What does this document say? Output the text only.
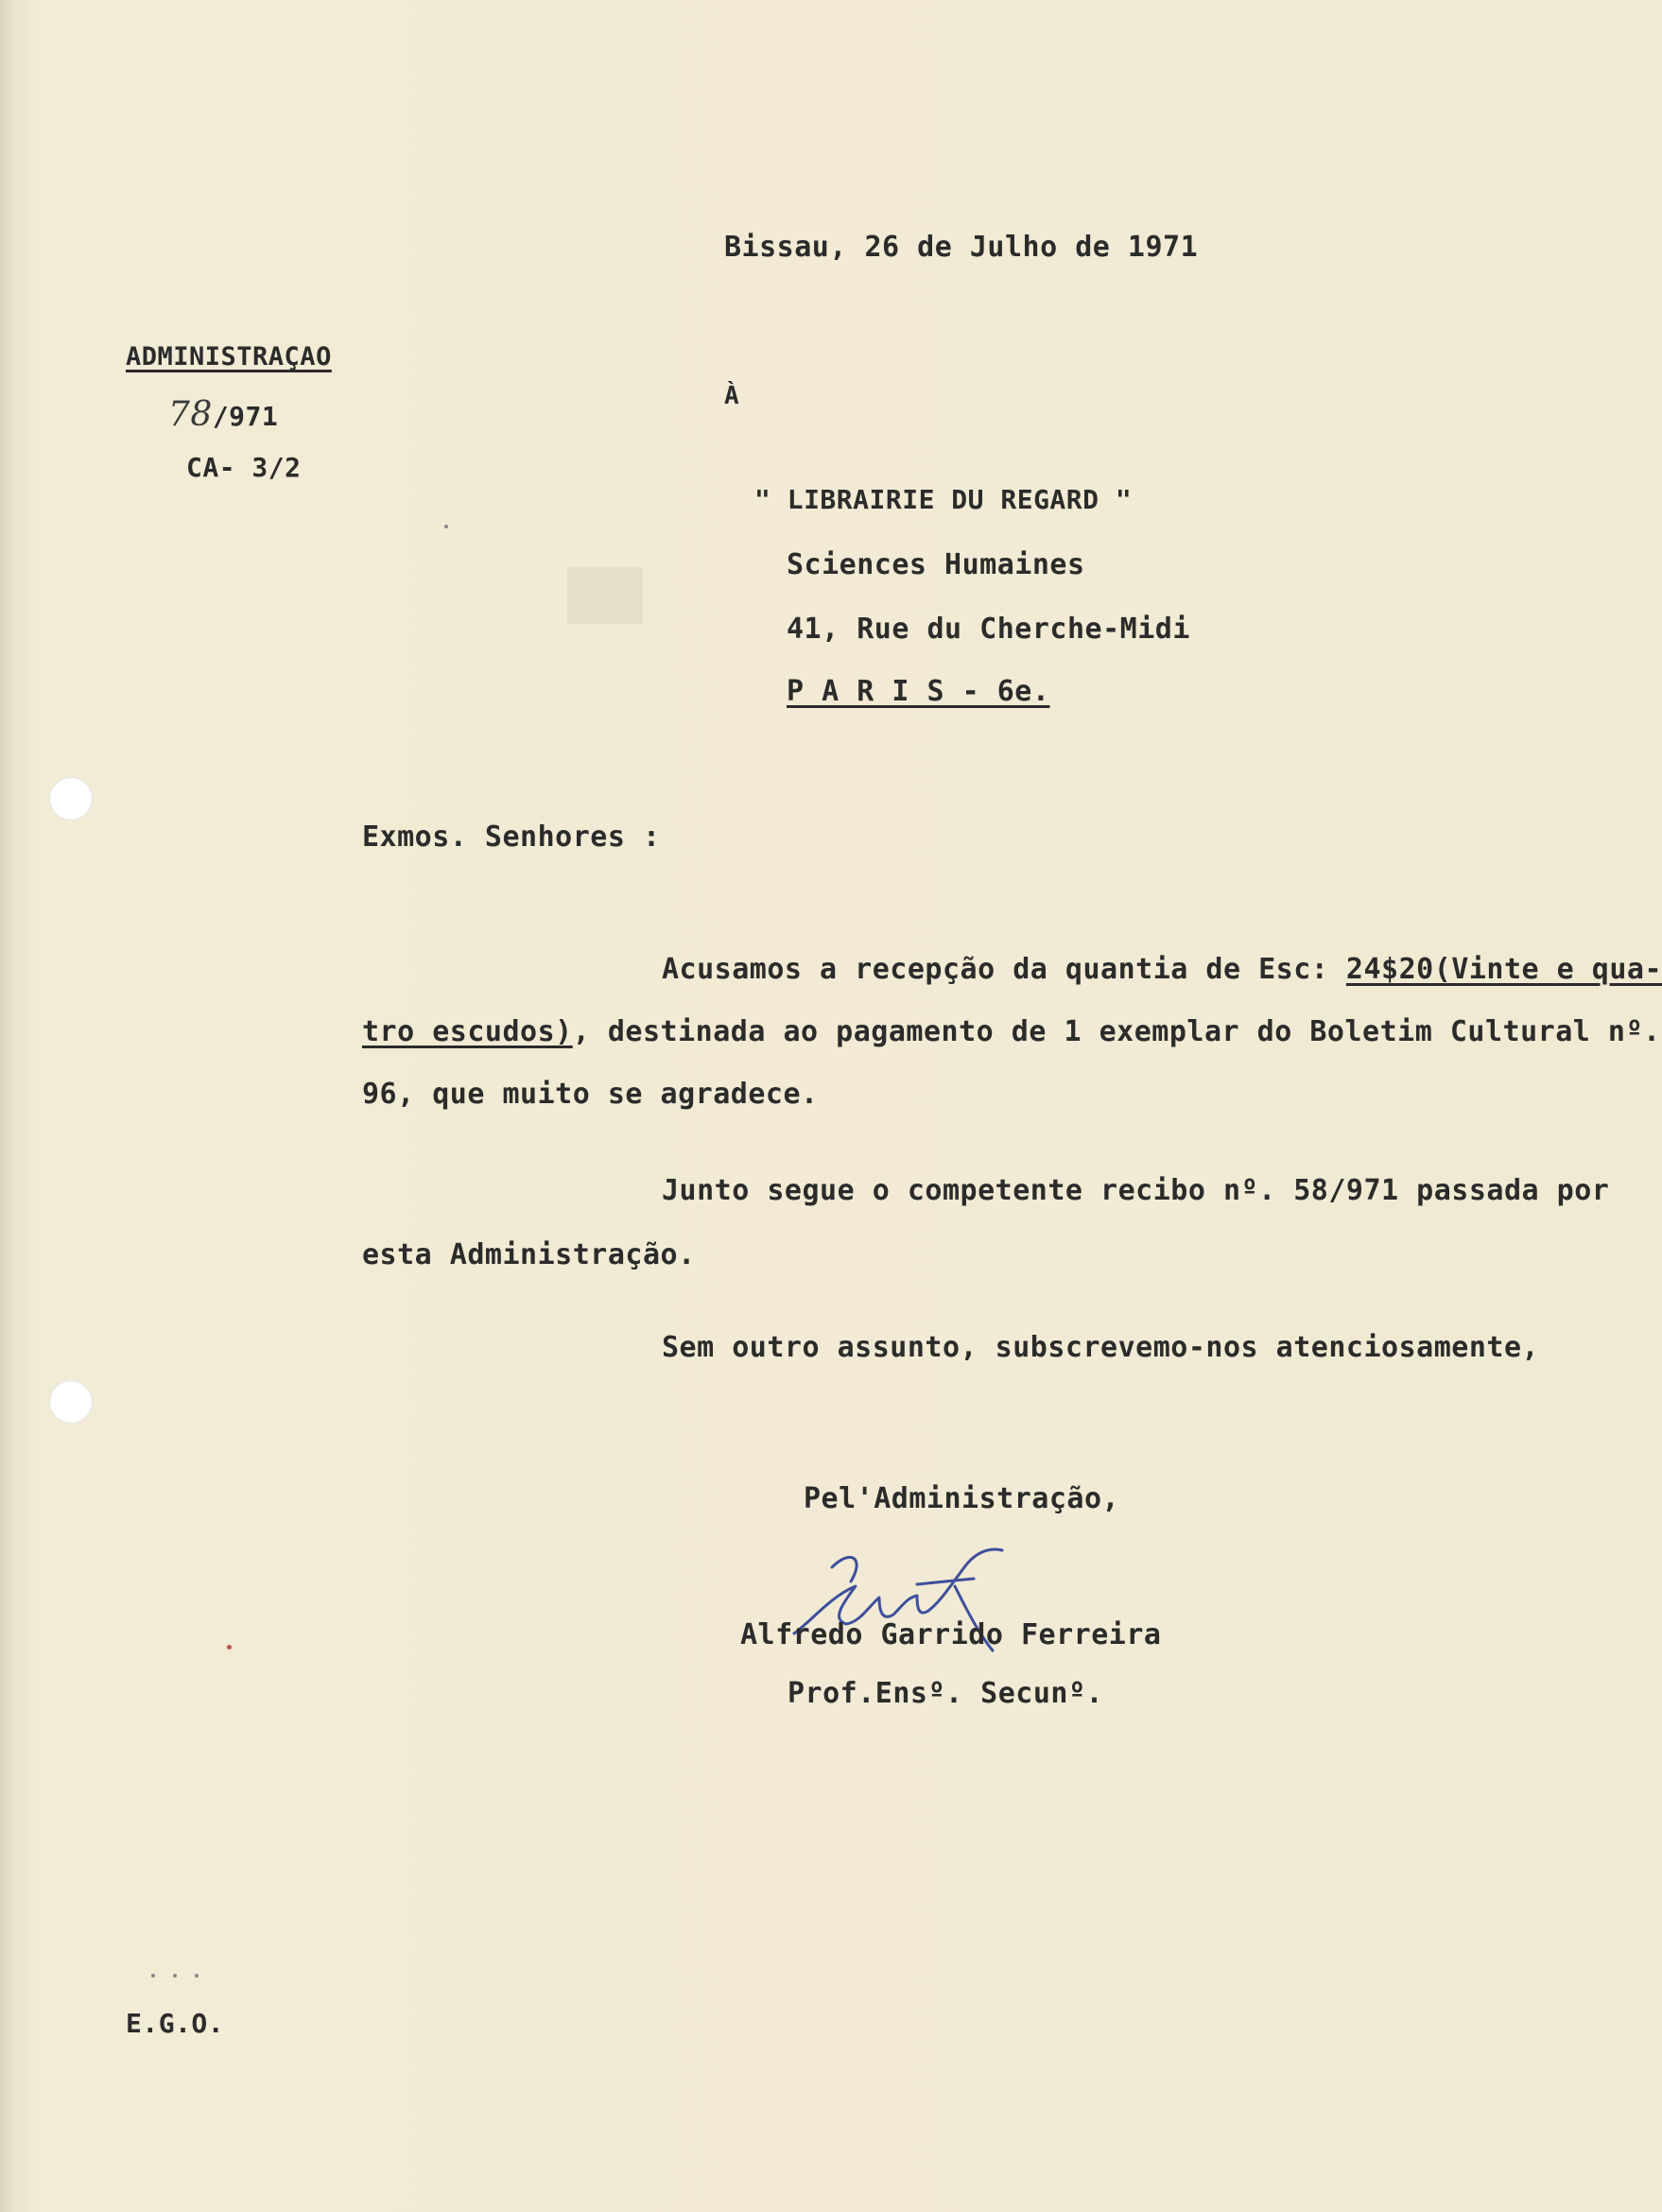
Bissau, 26 de Julho de 1971
ADMINISTRAÇAO
78/971
CA- 3/2
À
" LIBRAIRIE DU REGARD "
Sciences Humaines
41, Rue du Cherche-Midi
P A R I S - 6e.
Exmos. Senhores :
Acusamos a recepção da quantia de Esc: 24$20(Vinte e qua-
tro escudos), destinada ao pagamento de 1 exemplar do Boletim Cultural nº.
96, que muito se agradece.
Junto segue o competente recibo nº. 58/971 passada por
esta Administração.
Sem outro assunto, subscrevemo-nos atenciosamente,
Pel'Administração,
Alfredo Garrido Ferreira
Prof.Ensº. Secunº.
E.G.O.
